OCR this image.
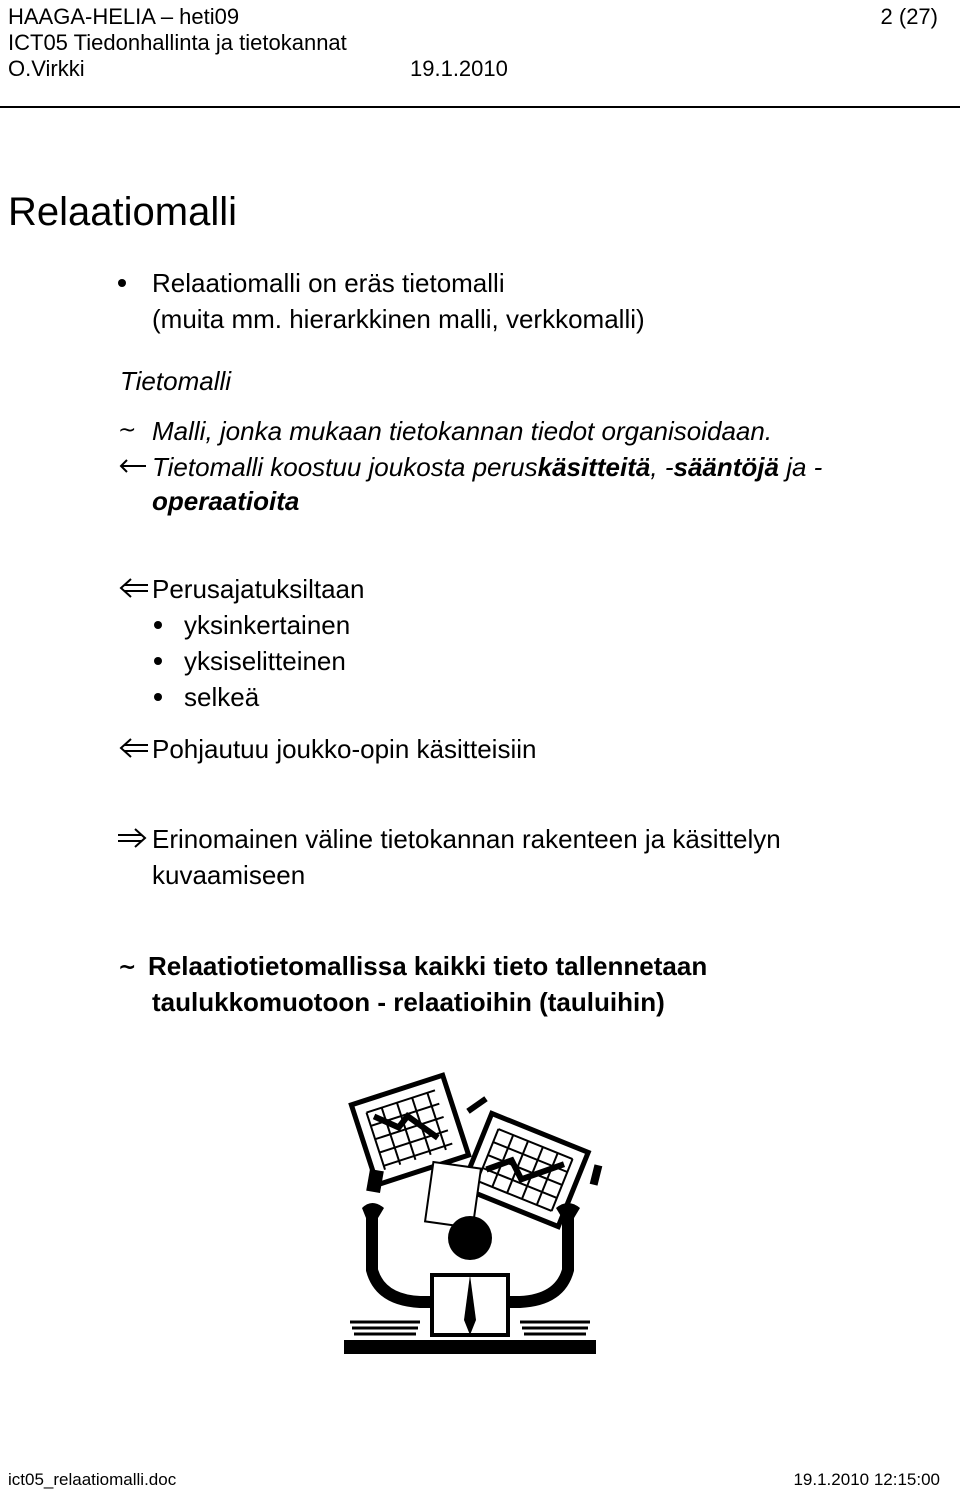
HAAGA-HELIA – heti09	2 (27)
ICT05 Tiedonhallinta ja tietokannat
O.Virkki	19.1.2010
Relaatiomalli
Relaatiomalli on eräs tietomalli
(muita mm. hierarkkinen malli, verkkomalli)
Tietomalli
~ Malli, jonka mukaan tietokannan tiedot organisoidaan.
Tietomalli koostuu joukosta peruskäsitteitä, -sääntöjä ja -
operaatioita
Perusajatuksiltaan
yksinkertainen
yksiselitteinen
selkeä
Pohjautuu joukko-opin käsitteisiin
Erinomainen väline tietokannan rakenteen ja käsittelyn
kuvaamiseen
~ Relaatiotietomallissa kaikki tieto tallennetaan
taulukkomuotoon - relaatioihin (tauluihin)
ict05_relaatiomalli.doc	19.1.2010 12:15:00
